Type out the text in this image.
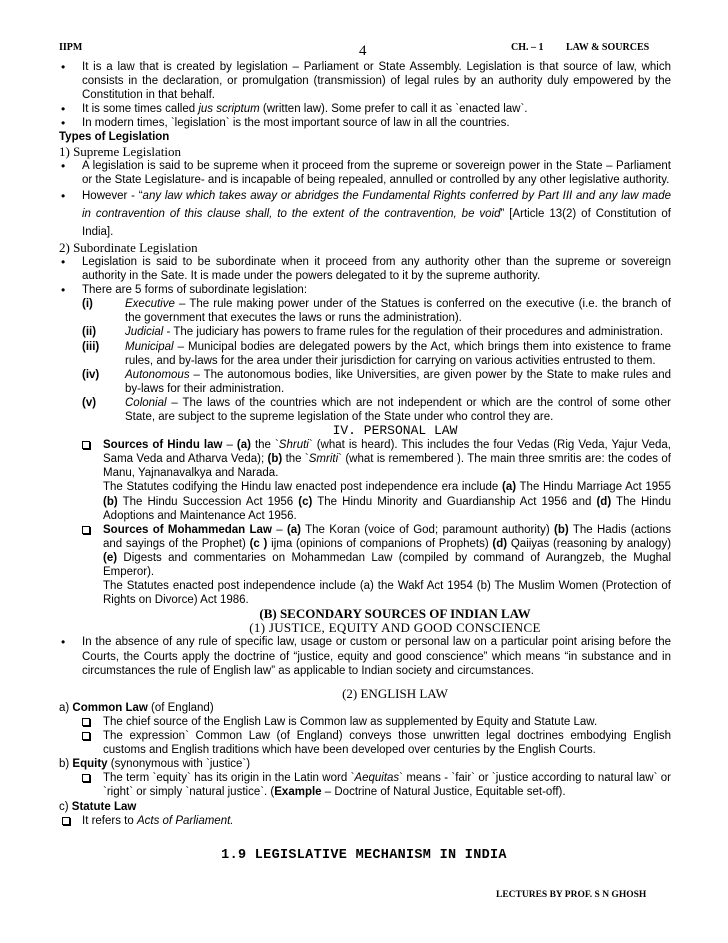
IIPM	4	CH. – 1 LAW & SOURCES
• It is a law that is created by legislation – Parliament or State Assembly. Legislation is that source of law, which consists in the declaration, or promulgation (transmission) of legal rules by an authority duly empowered by the Constitution in that behalf.
• It is some times called jus scriptum (written law). Some prefer to call it as `enacted law`.
• In modern times, `legislation` is the most important source of law in all the countries.
Types of Legislation
1) Supreme Legislation
• A legislation is said to be supreme when it proceed from the supreme or sovereign power in the State – Parliament or the State Legislature- and is incapable of being repealed, annulled or controlled by any other legislative authority.
• However - “any law which takes away or abridges the Fundamental Rights conferred by Part III and any law made in contravention of this clause shall, to the extent of the contravention, be void” [Article 13(2) of Constitution of India].
2) Subordinate Legislation
• Legislation is said to be subordinate when it proceed from any authority other than the supreme or sovereign authority in the Sate. It is made under the powers delegated to it by the supreme authority.
• There are 5 forms of subordinate legislation:
(i)	Executive – The rule making power under of the Statues is conferred on the executive (i.e. the branch of the government that executes the laws or runs the administration).
(ii)	Judicial - The judiciary has powers to frame rules for the regulation of their procedures and administration.
(iii) Municipal – Municipal bodies are delegated powers by the Act, which brings them into existence to frame rules, and by-laws for the area under their jurisdiction for carrying on various activities entrusted to them.
(iv) Autonomous – The autonomous bodies, like Universities, are given power by the State to make rules and by-laws for their administration.
(v)	Colonial – The laws of the countries which are not independent or which are the control of some other State, are subject to the supreme legislation of the State under who control they are.
IV. PERSONAL LAW
Sources of Hindu law – (a) the `Shruti` (what is heard). This includes the four Vedas (Rig Veda, Yajur Veda, Sama Veda and Atharva Veda); (b) the `Smriti` (what is remembered ). The main three smritis are: the codes of Manu, Yajnanavalkya and Narada.
The Statutes codifying the Hindu law enacted post independence era include (a) The Hindu Marriage Act 1955 (b) The Hindu Succession Act 1956 (c) The Hindu Minority and Guardianship Act 1956 and (d) The Hindu Adoptions and Maintenance Act 1956.
Sources of Mohammedan Law – (a) The Koran (voice of God; paramount authority) (b) The Hadis (actions and sayings of the Prophet) (c ) ijma (opinions of companions of Prophets) (d) Qaiiyas (reasoning by analogy) (e) Digests and commentaries on Mohammedan Law (compiled by command of Aurangzeb, the Mughal Emperor).
The Statutes enacted post independence include (a) the Wakf Act 1954 (b) The Muslim Women (Protection of Rights on Divorce) Act 1986.
(B) SECONDARY SOURCES OF INDIAN LAW
(1) JUSTICE, EQUITY AND GOOD CONSCIENCE
• In the absence of any rule of specific law, usage or custom or personal law on a particular point arising before the Courts, the Courts apply the doctrine of “justice, equity and good conscience” which means “in substance and in circumstances the rule of English law” as applicable to Indian society and circumstances.
(2) ENGLISH LAW
a) Common Law (of England)
The chief source of the English Law is Common law as supplemented by Equity and Statute Law.
The expression` Common Law (of England) conveys those unwritten legal doctrines embodying English customs and English traditions which have been developed over centuries by the English Courts.
b) Equity (synonymous with `justice`)
The term `equity` has its origin in the Latin word `Aequitas` means - `fair` or `justice according to natural law` or `right` or simply `natural justice`. (Example – Doctrine of Natural Justice, Equitable set-off).
c) Statute Law
It refers to Acts of Parliament.
1.9 LEGISLATIVE MECHANISM IN INDIA
LECTURES BY PROF. S N GHOSH
